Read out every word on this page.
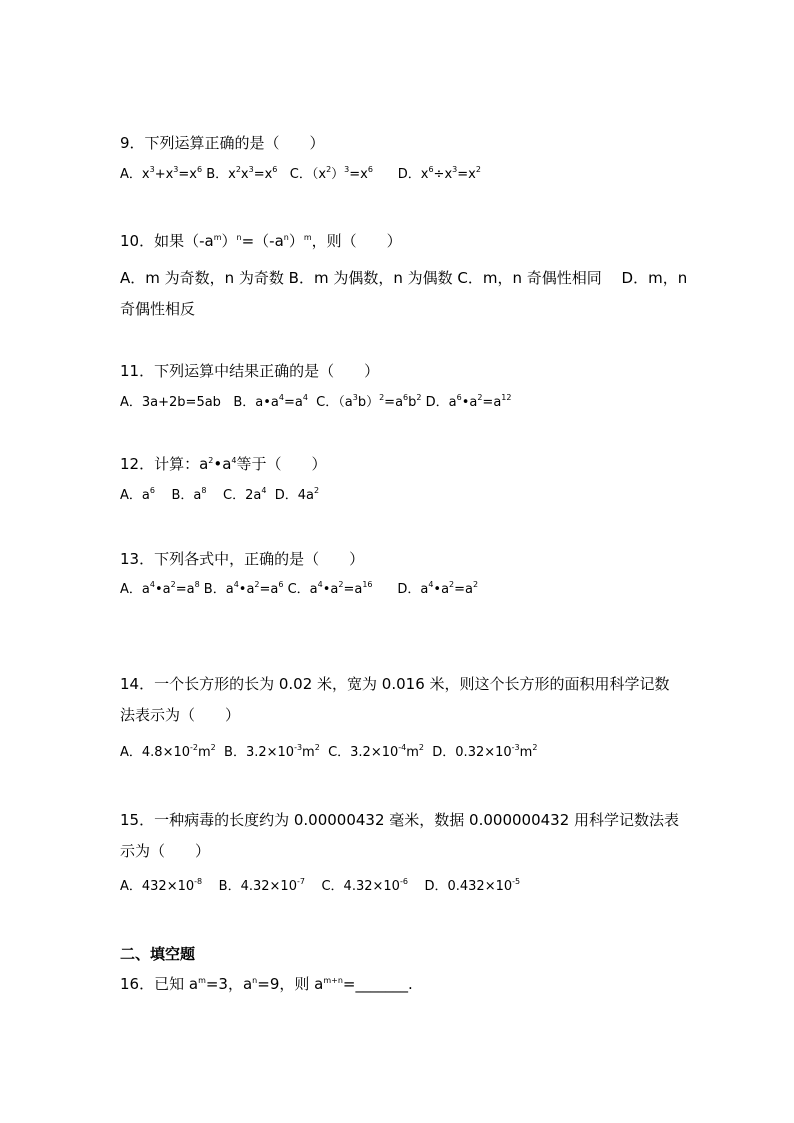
9．下列运算正确的是（　　）
A．$x^3+x^3=x^6$ B．$x^2x^3=x^6$   C．$(x^2)^3=x^6$      D．$x^6\div x^3=x^2$
10．如果$(-a^m)^n=(-a^n)^m$，则（　　）
A．m 为奇数，n 为奇数 B．m 为偶数，n 为偶数 C．m，n 奇偶性相同　 D．m，n
奇偶性相反
11．下列运算中结果正确的是（　　）
A．3a+2b=5ab   B．$a•a^4=a^4$  C．$(a^3b)^2=a^6b^2$ D．$a^6•a^2=a^{12}$
12．计算：$a^2•a^4$等于（　　）
A．$a^6$    B．$a^8$    C．$2a^4$  D．$4a^2$
13．下列各式中，正确的是（　　）
A．$a^4•a^2=a^8$ B．$a^4•a^2=a^6$ C．$a^4•a^2=a^{16}$      D．$a^4•a^2=a^2$
14．一个长方形的长为 0.02 米，宽为 0.016 米，则这个长方形的面积用科学记数
法表示为（　　）
A．$4.8\times 10^{-2}m^2$  B．$3.2\times 10^{-3}m^2$  C．$3.2\times 10^{-4}m^2$  D．$0.32\times 10^{-3}m^2$
15．一种病毒的长度约为 0.00000432 毫米，数据 0.000000432 用科学记数法表
示为（　　）
A．$432\times 10^{-8}$    B．$4.32\times 10^{-7}$    C．$4.32\times 10^{-6}$    D．$0.432\times 10^{-5}$
二、填空题
16．已知 $a^m=3$，$a^n=9$，则 $a^{m+n}=\_\_\_\_\_\_\_$.
